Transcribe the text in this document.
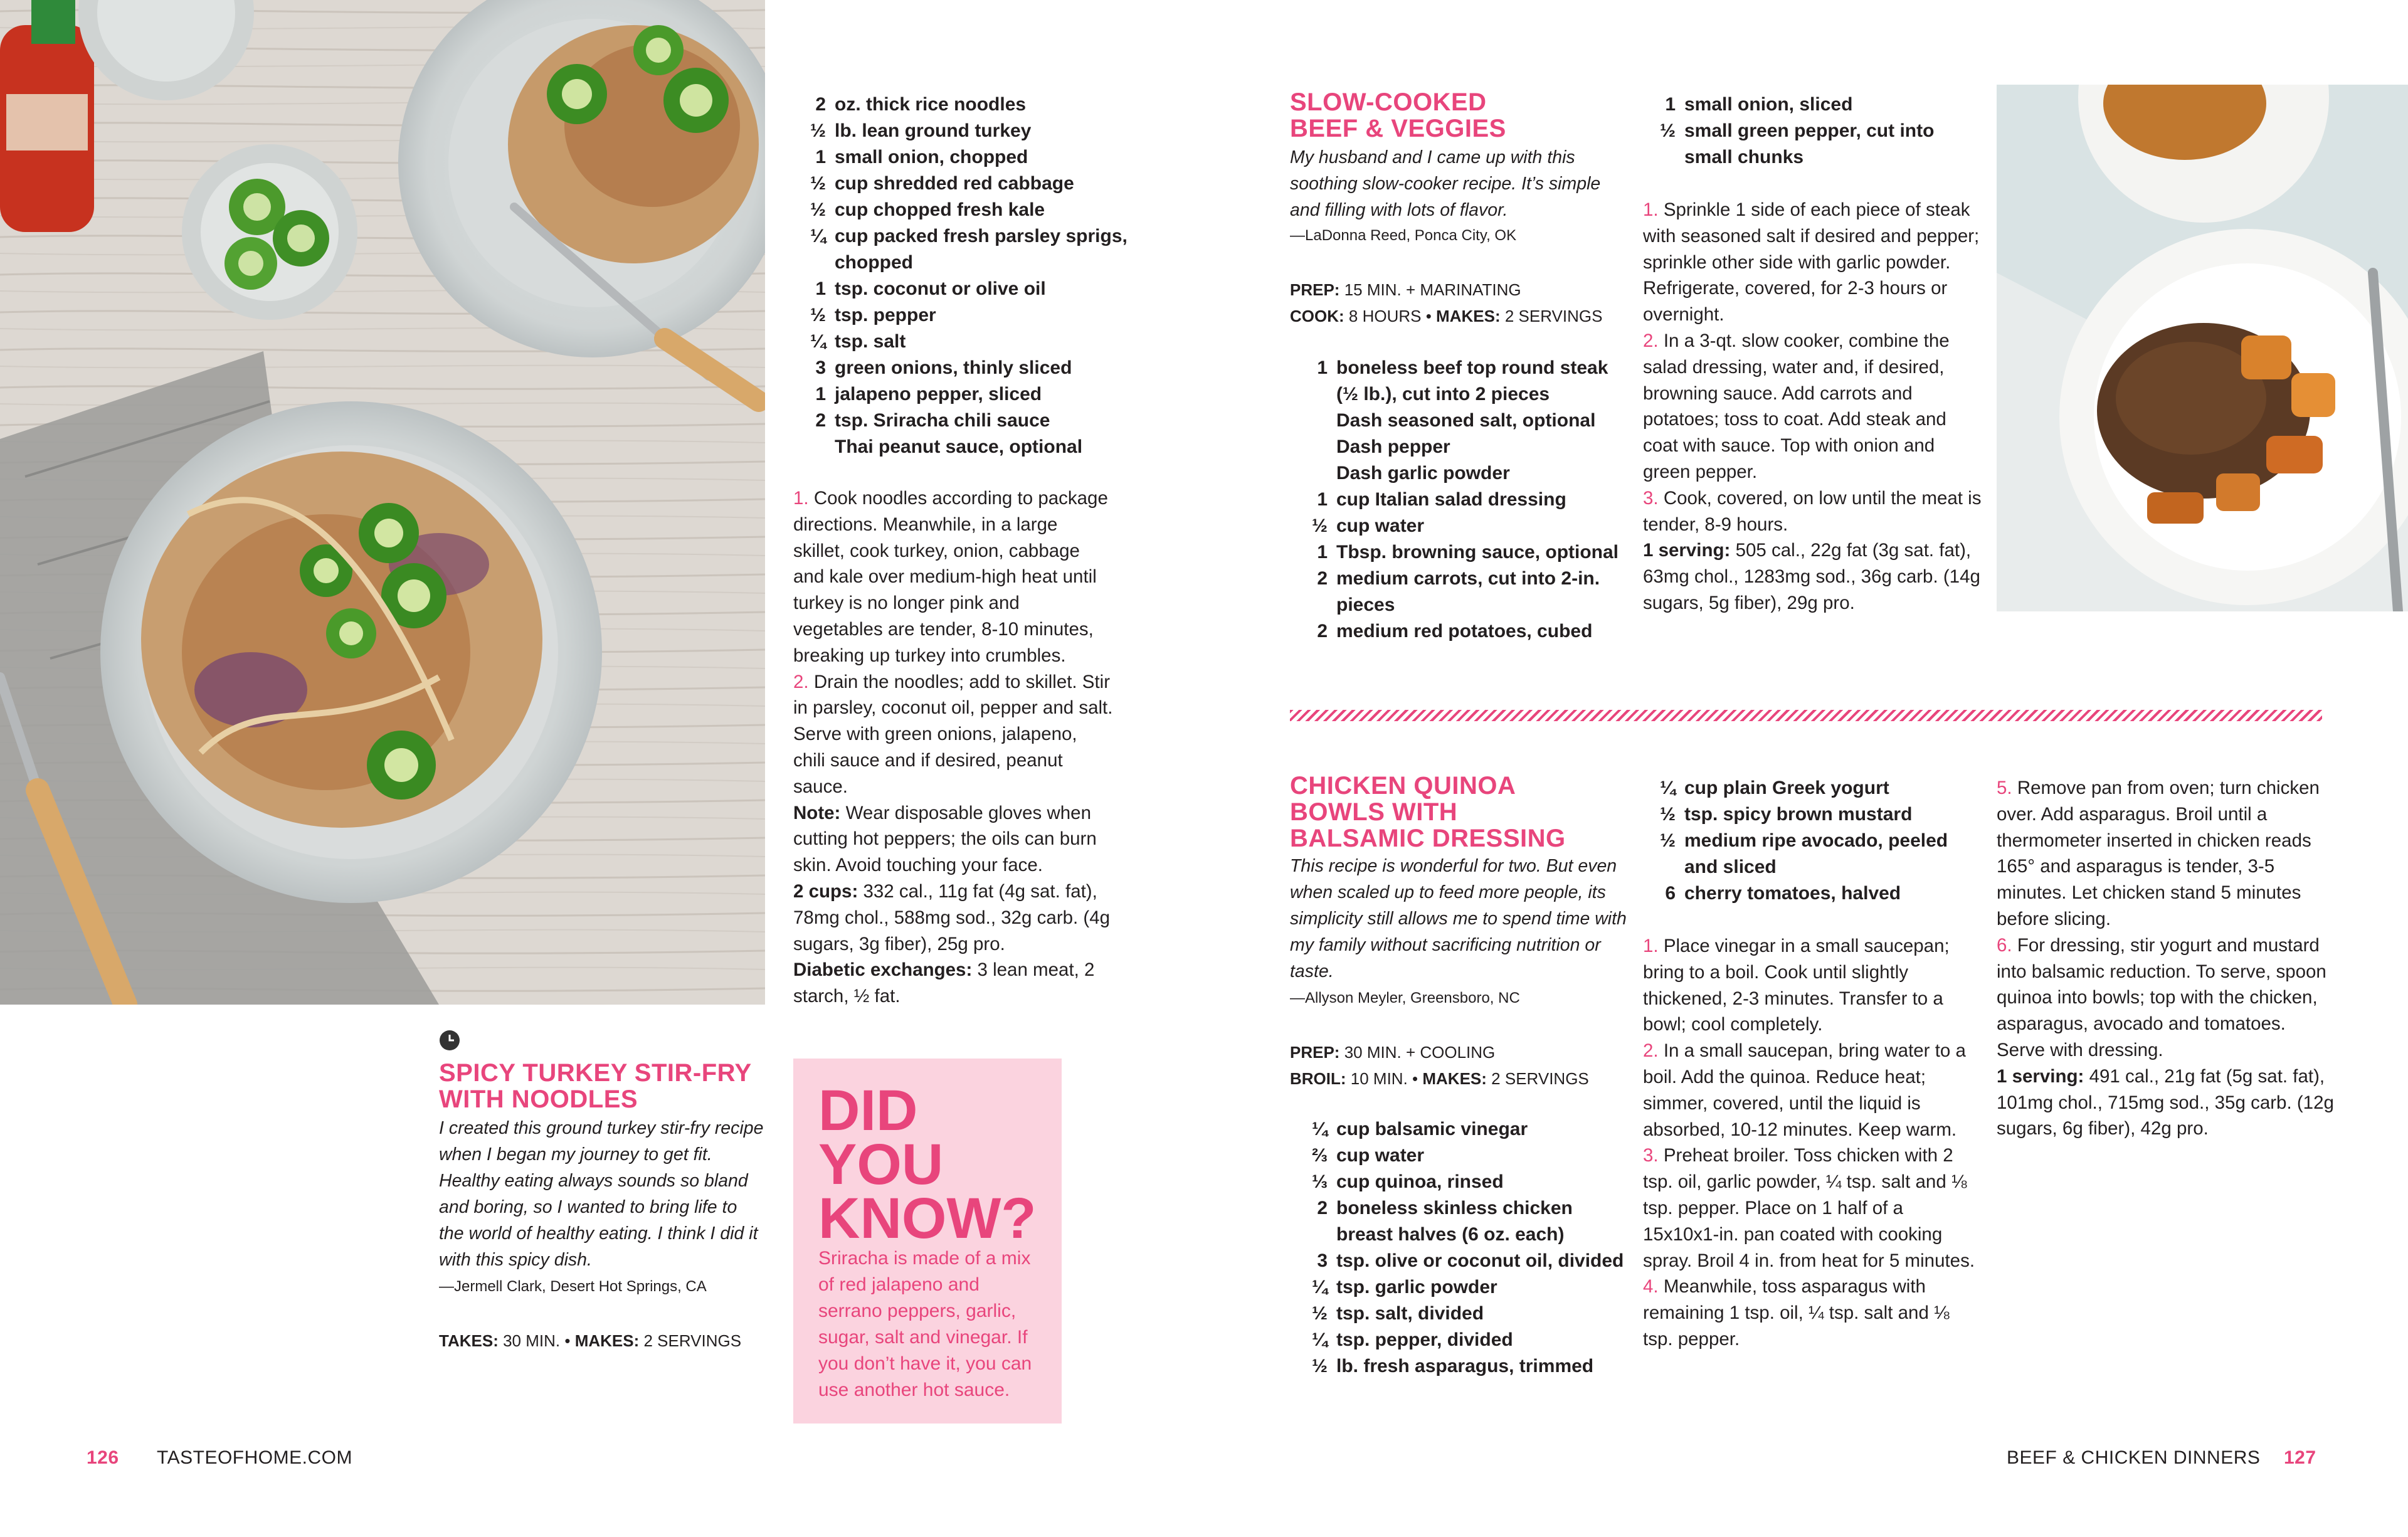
SPICY TURKEY STIR-FRY WITH NOODLES
I created this ground turkey stir-fry recipe when I began my journey to get fit. Healthy eating always sounds so bland and boring, so I wanted to bring life to the world of healthy eating. I think I did it with this spicy dish.
—Jermell Clark, Desert Hot Springs, CA
TAKES: 30 MIN. • MAKES: 2 SERVINGS
2 oz. thick rice noodles
½ lb. lean ground turkey
1 small onion, chopped
½ cup shredded red cabbage
½ cup chopped fresh kale
¼ cup packed fresh parsley sprigs, chopped
1 tsp. coconut or olive oil
½ tsp. pepper
¼ tsp. salt
3 green onions, thinly sliced
1 jalapeno pepper, sliced
2 tsp. Sriracha chili sauce
Thai peanut sauce, optional

1. Cook noodles according to package directions. Meanwhile, in a large skillet, cook turkey, onion, cabbage and kale over medium-high heat until turkey is no longer pink and vegetables are tender, 8-10 minutes, breaking up turkey into crumbles.
2. Drain the noodles; add to skillet. Stir in parsley, coconut oil, pepper and salt. Serve with green onions, jalapeno, chili sauce and if desired, peanut sauce.

Note: Wear disposable gloves when cutting hot peppers; the oils can burn skin. Avoid touching your face.

2 cups: 332 cal., 11g fat (4g sat. fat), 78mg chol., 588mg sod., 32g carb. (4g sugars, 3g fiber), 25g pro.

Diabetic exchanges: 3 lean meat, 2 starch, ½ fat.

DID
YOU
KNOW?
Sriracha is made of a mix of red jalapeno and serrano peppers, garlic, sugar, salt and vinegar. If you don’t have it, you can use another hot sauce.
SLOW-COOKED
BEEF & VEGGIES
My husband and I came up with this soothing slow-cooker recipe. It’s simple and filling with lots of flavor.
—LaDonna Reed, Ponca City, OK
PREP: 15 MIN. + MARINATING
COOK: 8 HOURS • MAKES: 2 SERVINGS
1 boneless beef top round steak (½ lb.), cut into 2 pieces
Dash seasoned salt, optional
Dash pepper
Dash garlic powder
1 cup Italian salad dressing
½ cup water
1 Tbsp. browning sauce, optional
2 medium carrots, cut into 2-in. pieces
2 medium red potatoes, cubed
1 small onion, sliced
½ small green pepper, cut into small chunks

1. Sprinkle 1 side of each piece of steak with seasoned salt if desired and pepper; sprinkle other side with garlic powder. Refrigerate, covered, for 2-3 hours or overnight.
2. In a 3-qt. slow cooker, combine the salad dressing, water and, if desired, browning sauce. Add carrots and potatoes; toss to coat. Add steak and coat with sauce. Top with onion and green pepper.
3. Cook, covered, on low until the meat is tender, 8-9 hours.

1 serving: 505 cal., 22g fat (3g sat. fat), 63mg chol., 1283mg sod., 36g carb. (14g sugars, 5g fiber), 29g pro.

CHICKEN QUINOA
BOWLS WITH
BALSAMIC DRESSING
This recipe is wonderful for two. But even when scaled up to feed more people, its simplicity still allows me to spend time with my family without sacrificing nutrition or taste.
—Allyson Meyler, Greensboro, NC
PREP: 30 MIN. + COOLING
BROIL: 10 MIN. • MAKES: 2 SERVINGS
¼ cup balsamic vinegar
⅔ cup water
⅓ cup quinoa, rinsed
2 boneless skinless chicken breast halves (6 oz. each)
3 tsp. olive or coconut oil, divided
¼ tsp. garlic powder
½ tsp. salt, divided
¼ tsp. pepper, divided
½ lb. fresh asparagus, trimmed
¼ cup plain Greek yogurt
½ tsp. spicy brown mustard
½ medium ripe avocado, peeled and sliced
6 cherry tomatoes, halved

1. Place vinegar in a small saucepan; bring to a boil. Cook until slightly thickened, 2-3 minutes. Transfer to a bowl; cool completely.
2. In a small saucepan, bring water to a boil. Add the quinoa. Reduce heat; simmer, covered, until the liquid is absorbed, 10-12 minutes. Keep warm.
3. Preheat broiler. Toss chicken with 2 tsp. oil, garlic powder, ¼ tsp. salt and ⅛ tsp. pepper. Place on 1 half of a 15x10x1-in. pan coated with cooking spray. Broil 4 in. from heat for 5 minutes.
4. Meanwhile, toss asparagus with remaining 1 tsp. oil, ¼ tsp. salt and ⅛ tsp. pepper.

5. Remove pan from oven; turn chicken over. Add asparagus. Broil until a thermometer inserted in chicken reads 165° and asparagus is tender, 3-5 minutes. Let chicken stand 5 minutes before slicing.
6. For dressing, stir yogurt and mustard into balsamic reduction. To serve, spoon quinoa into bowls; top with the chicken, asparagus, avocado and tomatoes. Serve with dressing.

1 serving: 491 cal., 21g fat (5g sat. fat), 101mg chol., 715mg sod., 35g carb. (12g sugars, 6g fiber), 42g pro.

126 TASTEOFHOME.COM	BEEF & CHICKEN DINNERS 127
